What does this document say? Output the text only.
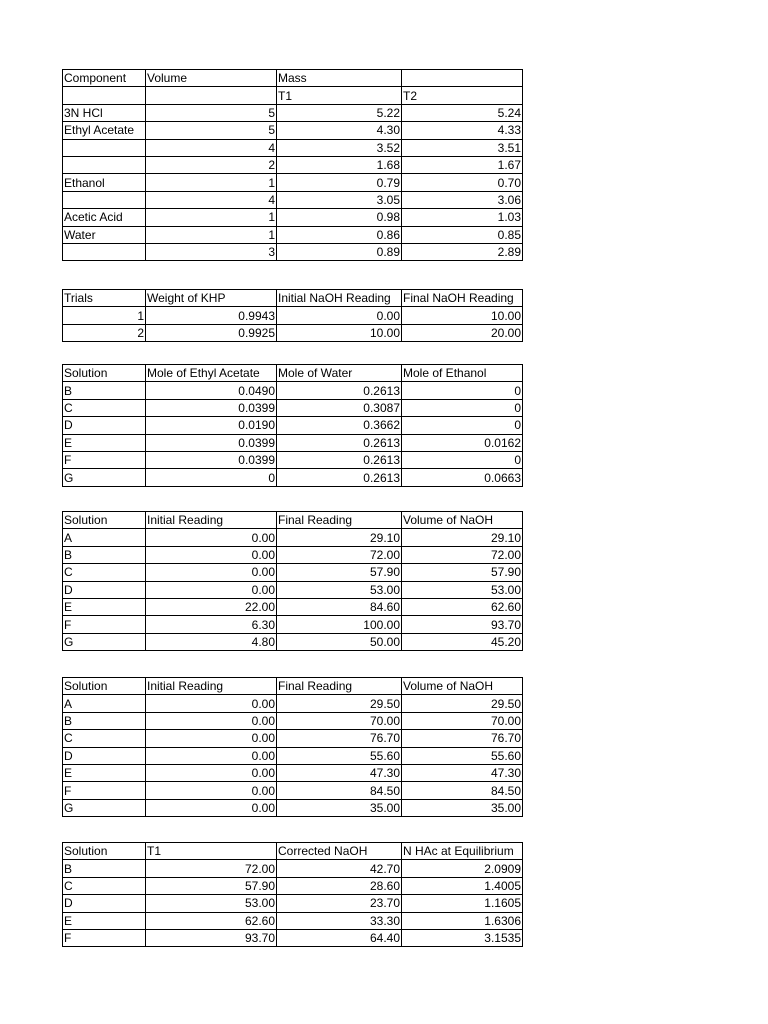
Component	Volume	Mass	
		T1	T2
3N HCl	5	5.22	5.24
Ethyl Acetate	5	4.30	4.33
	4	3.52	3.51
	2	1.68	1.67
Ethanol	1	0.79	0.70
	4	3.05	3.06
Acetic Acid	1	0.98	1.03
Water	1	0.86	0.85
	3	0.89	2.89
Trials	Weight of KHP	Initial NaOH Reading	Final NaOH Reading
1	0.9943	0.00	10.00
2	0.9925	10.00	20.00
Solution	Mole of Ethyl Acetate	Mole of Water	Mole of Ethanol
B	0.0490	0.2613	0
C	0.0399	0.3087	0
D	0.0190	0.3662	0
E	0.0399	0.2613	0.0162
F	0.0399	0.2613	0
G	0	0.2613	0.0663
Solution	Initial Reading	Final Reading	Volume of NaOH
A	0.00	29.10	29.10
B	0.00	72.00	72.00
C	0.00	57.90	57.90
D	0.00	53.00	53.00
E	22.00	84.60	62.60
F	6.30	100.00	93.70
G	4.80	50.00	45.20
Solution	Initial Reading	Final Reading	Volume of NaOH
A	0.00	29.50	29.50
B	0.00	70.00	70.00
C	0.00	76.70	76.70
D	0.00	55.60	55.60
E	0.00	47.30	47.30
F	0.00	84.50	84.50
G	0.00	35.00	35.00
Solution	T1	Corrected NaOH	N HAc at Equilibrium
B	72.00	42.70	2.0909
C	57.90	28.60	1.4005
D	53.00	23.70	1.1605
E	62.60	33.30	1.6306
F	93.70	64.40	3.1535
